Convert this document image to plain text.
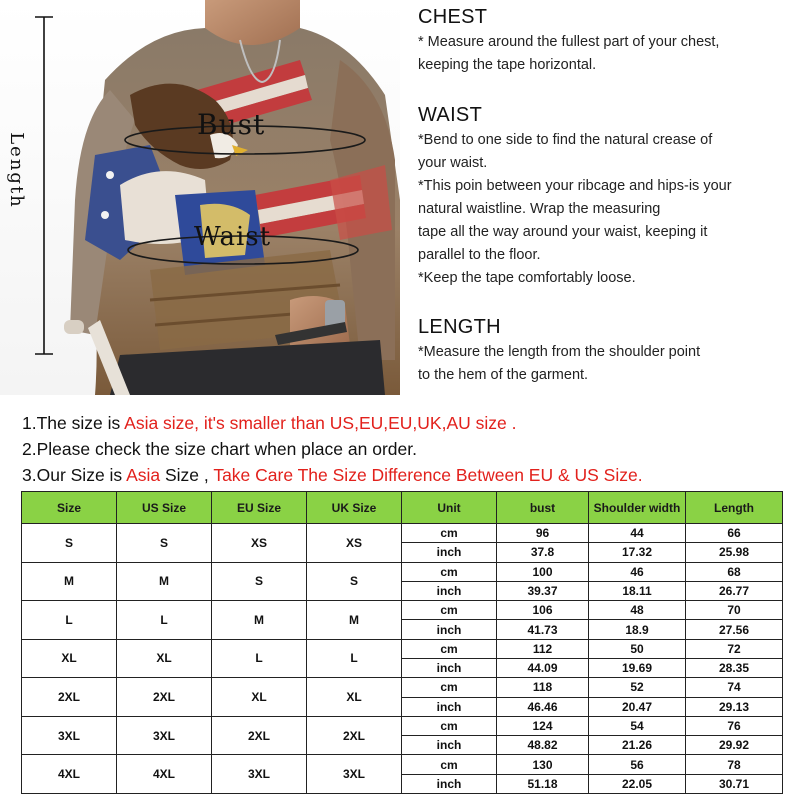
Bust
Waist
Length
CHEST

* Measure around the fullest part of your chest,
keeping the tape horizontal.

WAIST

*Bend to one side to find the natural crease of
your waist.
*This poin between your ribcage and hips-is your
natural waistline. Wrap the measuring
tape all the way around your waist, keeping it
parallel to the floor.
*Keep the tape comfortably loose.

LENGTH

*Measure the length from the shoulder point
to the hem of the garment.

1.The size is Asia size, it's smaller than US,EU,EU,UK,AU size .
2.Please check the size chart when place an order.
3.Our Size is Asia Size , Take Care The Size Difference Between EU & US Size.
Size	US Size	EU Size	UK Size	Unit	bust	Shoulder width	Length
S	S	XS	XS	cm	96	44	66
				inch	37.8	17.32	25.98
M	M	S	S	cm	100	46	68
				inch	39.37	18.11	26.77
L	L	M	M	cm	106	48	70
				inch	41.73	18.9	27.56
XL	XL	L	L	cm	112	50	72
				inch	44.09	19.69	28.35
2XL	2XL	XL	XL	cm	118	52	74
				inch	46.46	20.47	29.13
3XL	3XL	2XL	2XL	cm	124	54	76
				inch	48.82	21.26	29.92
4XL	4XL	3XL	3XL	cm	130	56	78
				inch	51.18	22.05	30.71
